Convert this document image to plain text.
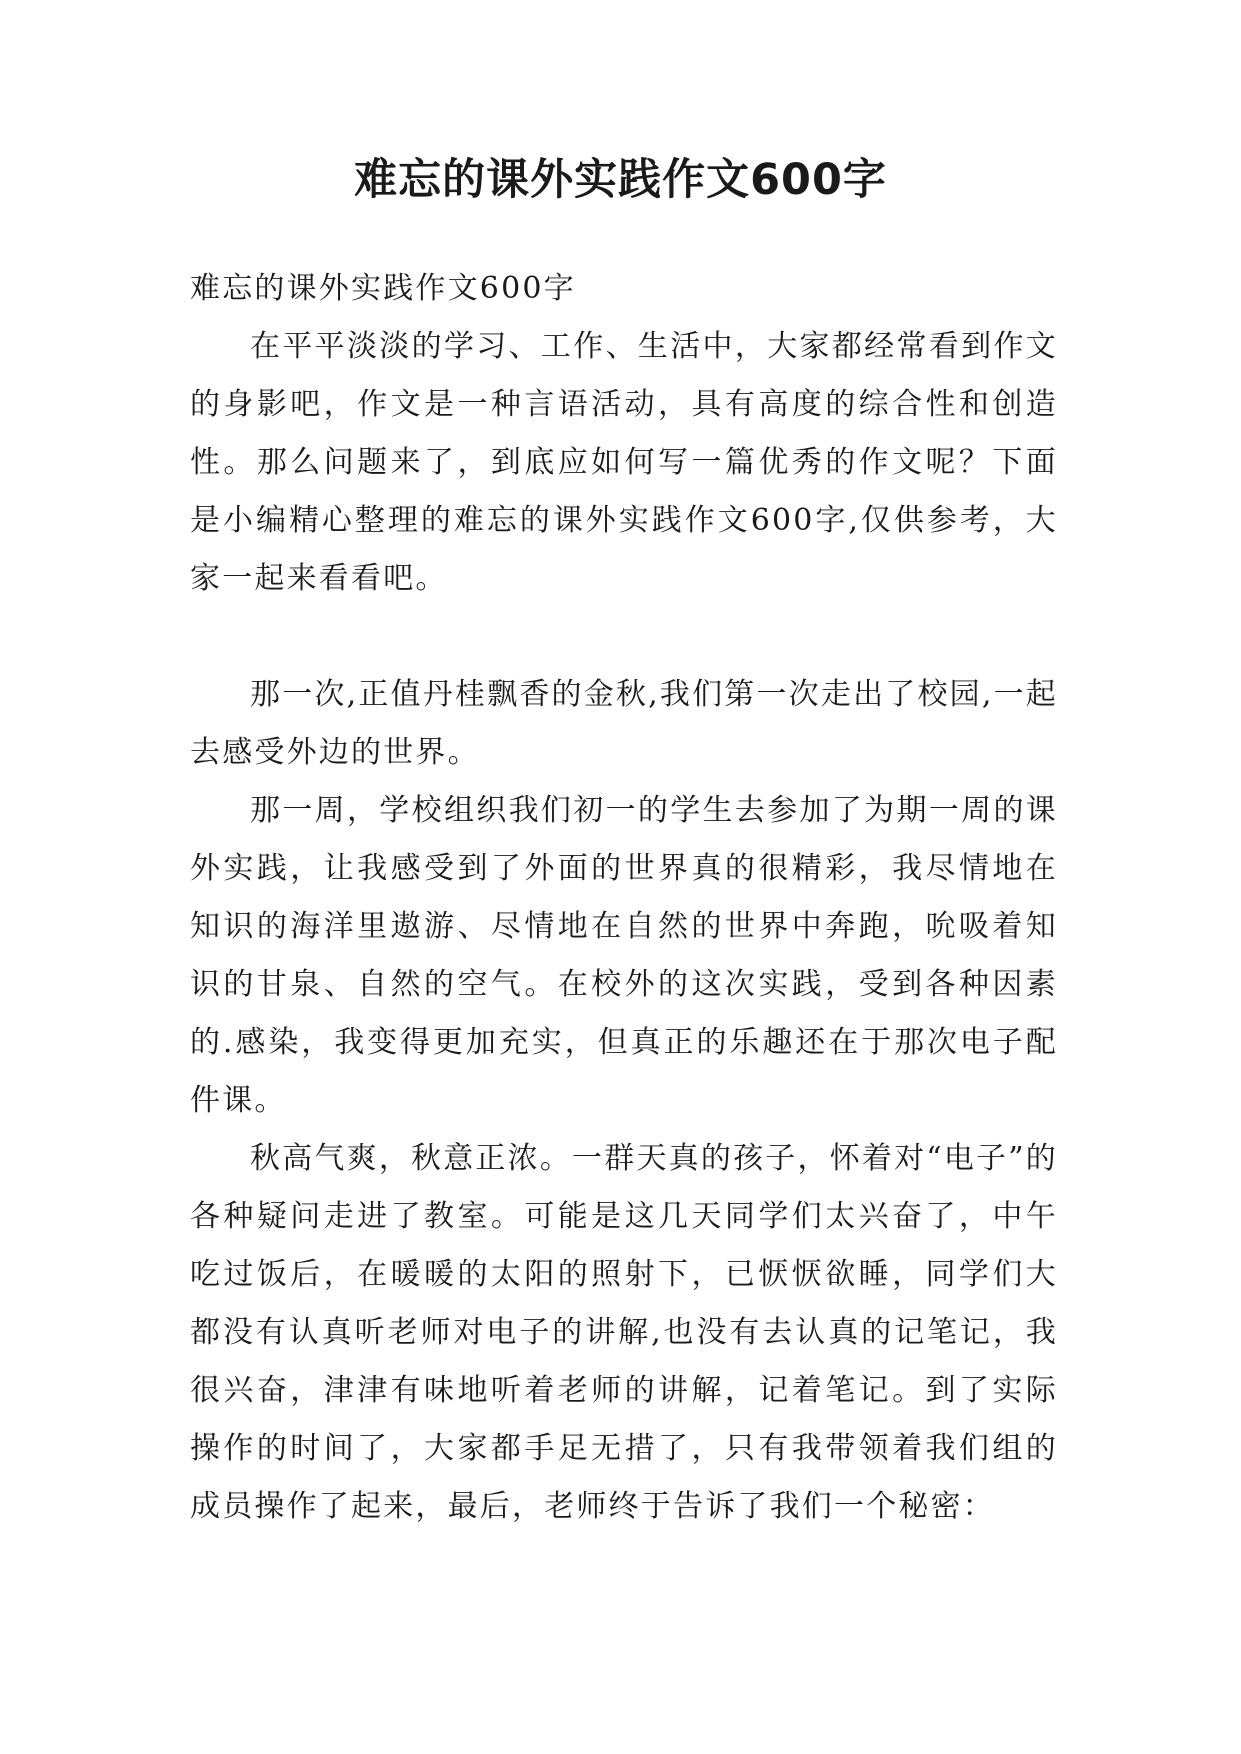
难忘的课外实践作文600字

难忘的课外实践作文600字

在平平淡淡的学习、工作、生活中，大家都经常看到作文的身影吧，作文是一种言语活动，具有高度的综合性和创造性。那么问题来了，到底应如何写一篇优秀的作文呢？下面是小编精心整理的难忘的课外实践作文600字,仅供参考，大家一起来看看吧。

那一次,正值丹桂飘香的金秋,我们第一次走出了校园,一起去感受外边的世界。

那一周，学校组织我们初一的学生去参加了为期一周的课外实践，让我感受到了外面的世界真的很精彩，我尽情地在知识的海洋里遨游、尽情地在自然的世界中奔跑，吮吸着知识的甘泉、自然的空气。在校外的这次实践，受到各种因素的.感染，我变得更加充实，但真正的乐趣还在于那次电子配件课。

秋高气爽，秋意正浓。一群天真的孩子，怀着对“电子”的各种疑问走进了教室。可能是这几天同学们太兴奋了，中午吃过饭后，在暖暖的太阳的照射下，已恹恹欲睡，同学们大都没有认真听老师对电子的讲解,也没有去认真的记笔记，我很兴奋，津津有味地听着老师的讲解，记着笔记。到了实际操作的时间了，大家都手足无措了，只有我带领着我们组的成员操作了起来，最后，老师终于告诉了我们一个秘密：
